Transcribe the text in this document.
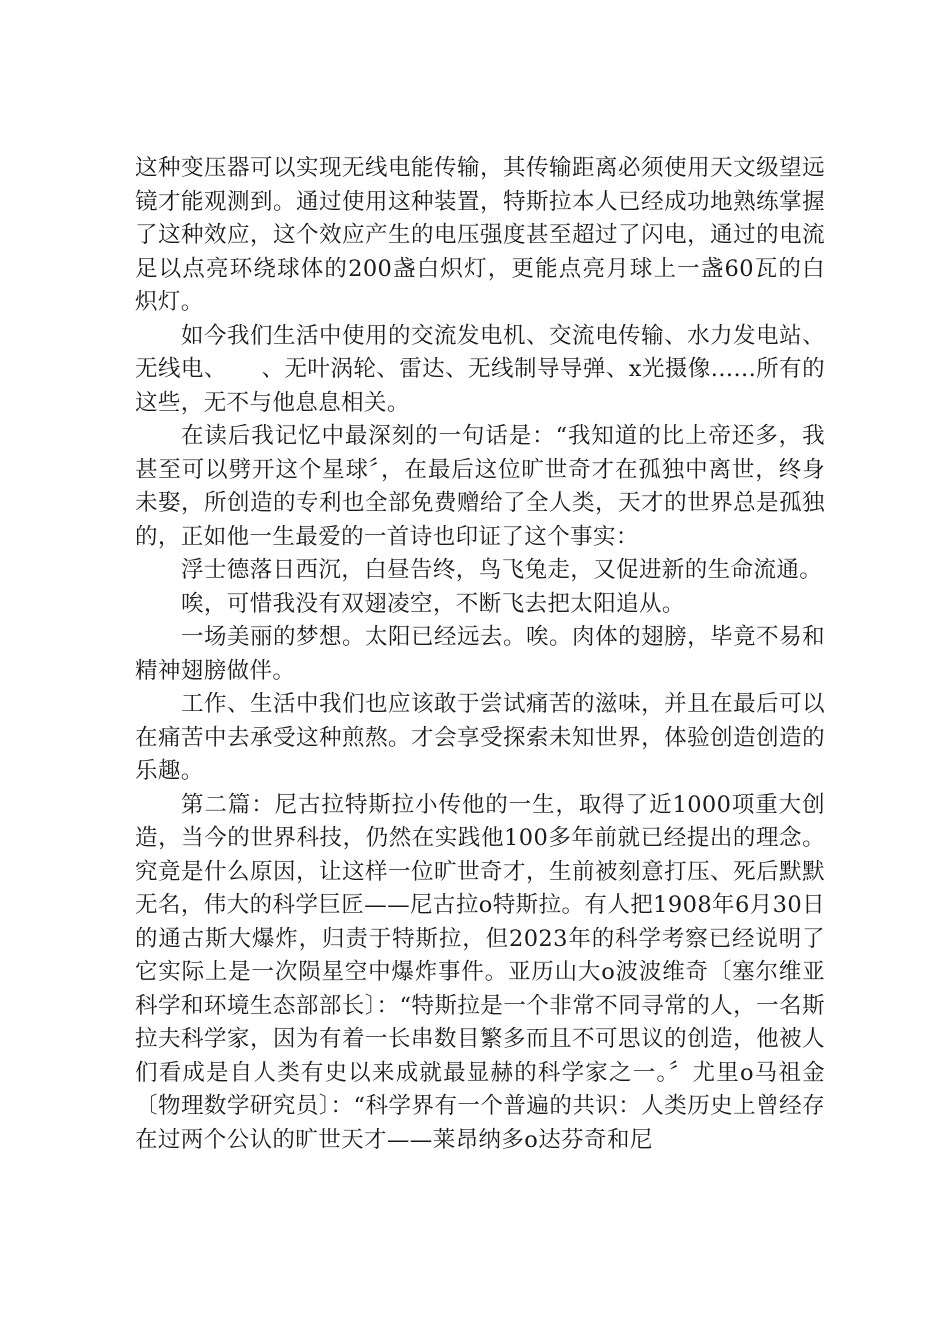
这种变压器可以实现无线电能传输，其传输距离必须使用天文级望远镜才能观测到。通过使用这种装置，特斯拉本人已经成功地熟练掌握了这种效应，这个效应产生的电压强度甚至超过了闪电，通过的电流足以点亮环绕球体的200盏白炽灯，更能点亮月球上一盏60瓦的白炽灯。

如今我们生活中使用的交流发电机、交流电传输、水力发电站、无线电、　　、无叶涡轮、雷达、无线制导导弹、x光摄像......所有的这些，无不与他息息相关。

在读后我记忆中最深刻的一句话是：“我知道的比上帝还多，我甚至可以劈开这个星球〞，在最后这位旷世奇才在孤独中离世，终身未娶，所创造的专利也全部免费赠给了全人类，天才的世界总是孤独的，正如他一生最爱的一首诗也印证了这个事实：

浮士德落日西沉，白昼告终，鸟飞兔走，又促进新的生命流通。

唉，可惜我没有双翅凌空，不断飞去把太阳追从。

一场美丽的梦想。太阳已经远去。唉。肉体的翅膀，毕竟不易和精神翅膀做伴。

工作、生活中我们也应该敢于尝试痛苦的滋味，并且在最后可以在痛苦中去承受这种煎熬。才会享受探索未知世界，体验创造创造的乐趣。

第二篇：尼古拉特斯拉小传他的一生，取得了近1000项重大创造，当今的世界科技，仍然在实践他100多年前就已经提出的理念。究竟是什么原因，让这样一位旷世奇才，生前被刻意打压、死后默默无名，伟大的科学巨匠——尼古拉o特斯拉。有人把1908年6月30日的通古斯大爆炸，归责于特斯拉，但2023年的科学考察已经说明了它实际上是一次陨星空中爆炸事件。亚历山大o波波维奇〔塞尔维亚科学和环境生态部部长〕：“特斯拉是一个非常不同寻常的人，一名斯拉夫科学家，因为有着一长串数目繁多而且不可思议的创造，他被人们看成是自人类有史以来成就最显赫的科学家之一。〞尤里o马祖金〔物理数学研究员〕：“科学界有一个普遍的共识：人类历史上曾经存在过两个公认的旷世天才——莱昂纳多o达芬奇和尼
